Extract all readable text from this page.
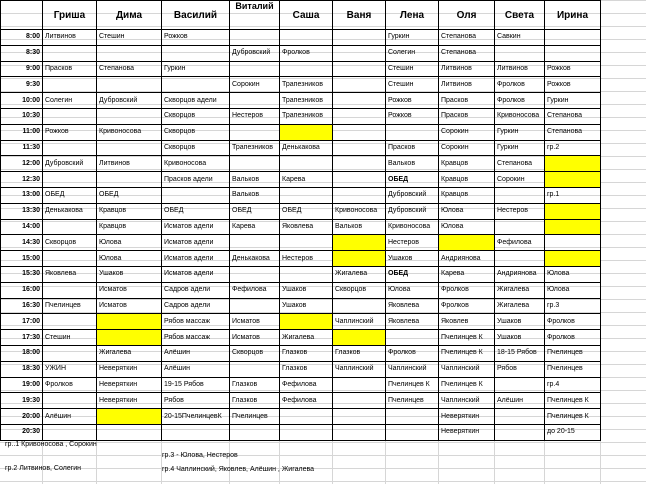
	Гриша	Дима	Василий	Виталий	Саша	Ваня	Лена	Оля	Света	Ирина
8:00	Литвинов	Стешин	Рожков				Гуркин	Степанова	Савкин	
8:30				Дубровский	Фролков		Солегин	Степанова		
9:00	Прасков	Степанова	Гуркин				Стешин	Литвинов	Литвинов	Рожков
9:30				Сорокин	Трапезников		Стешин	Литвинов	Фролков	Рожков
10:00	Солегин	Дубровский	Скворцов адели		Трапезников		Рожков	Прасков	Фролков	Гуркин
10:30			Скворцов	Нестеров	Трапезников		Рожков	Прасков	Кривоносова	Степанова
11:00	Рожков	Кривоносова	Скворцов					Сорокин	Гуркин	Степанова
11:30			Скворцов	Трапезников	Денькакова		Прасков	Сорокин	Гуркин	гр.2
12:00	Дубровский	Литвинов	Кривоносова				Вальков	Кравцов	Степанова	
12:30			Прасков адели	Вальков	Карева		ОБЕД	Кравцов	Сорокин	
13:00	ОБЕД	ОБЕД		Вальков			Дубровский	Кравцов		гр.1
13:30	Денькакова	Кравцов	ОБЕД	ОБЕД	ОБЕД	Кривоносова	Дубровский	Юлова	Нестеров	
14:00		Кравцов	Исматов адели	Карева	Яковлева	Вальков	Кривоносова	Юлова		
14:30	Скворцов	Юлова	Исматов адели				Нестеров		Фефилова	
15:00		Юлова	Исматов адели	Денькакова	Нестеров		Ушаков	Андриянова		
15:30	Яковлева	Ушаков	Исматов адели			Жигалева	ОБЕД	Карева	Андриянова	Юлова
16:00		Исматов	Садров адели	Фефилова	Ушаков	Скворцов	Юлова	Фролков	Жигалева	Юлова
16:30	Пчелинцев	Исматов	Садров адели		Ушаков		Яковлева	Фролков	Жигалева	гр.3
17:00			Рябов массаж	Исматов		Чаплинский	Яковлева	Яковлев	Ушаков	Фролков
17:30	Стешин		Рябов массаж	Исматов	Жигалева			Пчелинцев К	Ушаков	Фролков
18:00		Жигалева	Алёшин	Скворцов	Глазков	Глазков	Фролков	Пчелинцев К	18-15 Рябов	Пчелинцев
18:30	УЖИН	Неверяткин	Алёшин		Глазков	Чаплинский	Чаплинский	Чаплинский	Рябов	Пчелинцев
19:00	Фролков	Неверяткин	19-15 Рябов	Глазков	Фефилова		Пчелинцев К	Пчелинцев К		гр.4
19:30		Неверяткин	Рябов	Глазков	Фефилова		Пчелинцев	Чаплинский	Алёшин	Пчелинцев К
20:00	Алёшин		20-15ПчелинцевК	Пчелинцев				Неверяткин		Пчелинцев К
20:30								Неверяткин		до 20-15
гр..1 Кривоносова , Сорокин
гр.3 - Юлова, Нестеров
гр.2 Литвинов, Солегин	гр.4 Чаплинский, Яковлев, Алёшин , Жигалева
